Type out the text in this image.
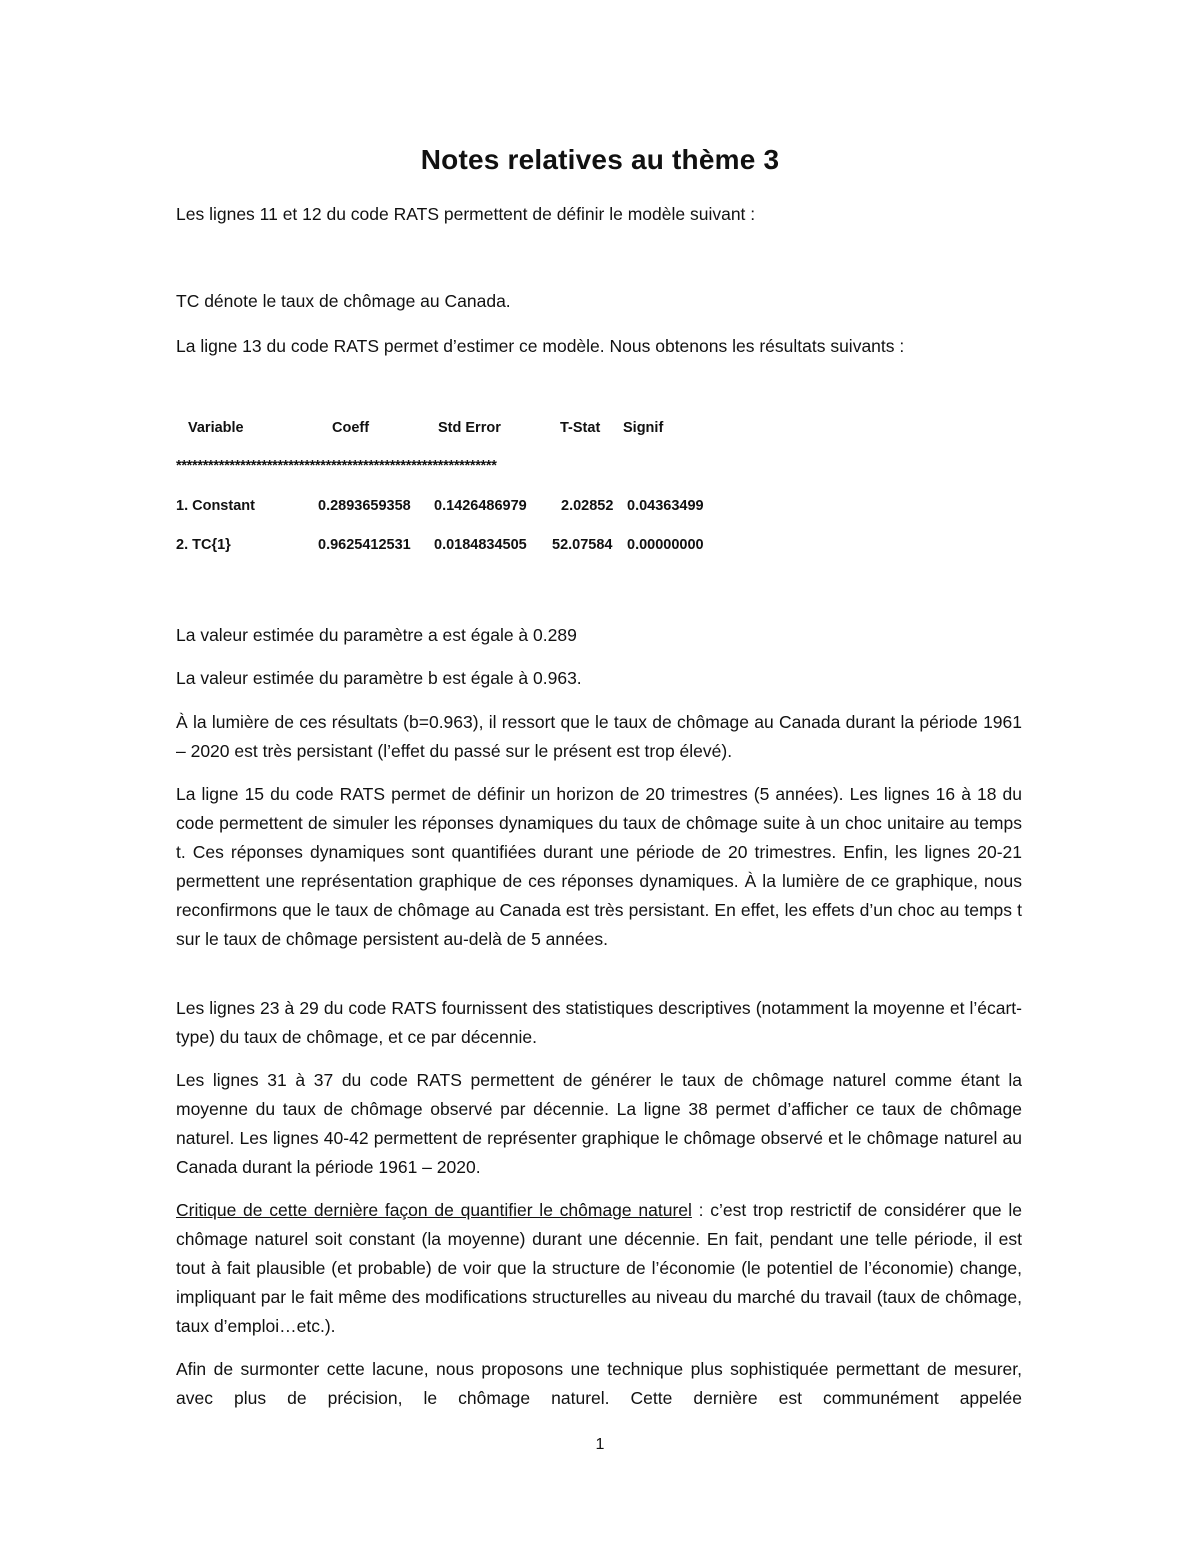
Notes relatives au thème 3
Les lignes 11 et 12 du code RATS permettent de définir le modèle suivant :
TC dénote le taux de chômage au Canada.
La ligne 13 du code RATS permet d’estimer ce modèle. Nous obtenons les résultats suivants :
Variable	Coeff	Std Error	T-Stat Signif
************************************************************
1. Constant	0.2893659358 0.1426486979 2.02852 0.04363499
2. TC{1}	0.9625412531 0.0184834505 52.07584 0.00000000
La valeur estimée du paramètre a est égale à 0.289
La valeur estimée du paramètre b est égale à 0.963.
À la lumière de ces résultats (b=0.963), il ressort que le taux de chômage au Canada durant la période 1961 – 2020 est très persistant (l’effet du passé sur le présent est trop élevé).
La ligne 15 du code RATS permet de définir un horizon de 20 trimestres (5 années). Les lignes 16 à 18 du code permettent de simuler les réponses dynamiques du taux de chômage suite à un choc unitaire au temps t. Ces réponses dynamiques sont quantifiées durant une période de 20 trimestres. Enfin, les lignes 20-21 permettent une représentation graphique de ces réponses dynamiques. À la lumière de ce graphique, nous reconfirmons que le taux de chômage au Canada est très persistant. En effet, les effets d’un choc au temps t sur le taux de chômage persistent au-delà de 5 années.
Les lignes 23 à 29 du code RATS fournissent des statistiques descriptives (notamment la moyenne et l’écart-type) du taux de chômage, et ce par décennie.
Les lignes 31 à 37 du code RATS permettent de générer le taux de chômage naturel comme étant la moyenne du taux de chômage observé par décennie. La ligne 38 permet d’afficher ce taux de chômage naturel. Les lignes 40-42 permettent de représenter graphique le chômage observé et le chômage naturel au Canada durant la période 1961 – 2020.
Critique de cette dernière façon de quantifier le chômage naturel : c’est trop restrictif de considérer que le chômage naturel soit constant (la moyenne) durant une décennie. En fait, pendant une telle période, il est tout à fait plausible (et probable) de voir que la structure de l’économie (le potentiel de l’économie) change, impliquant par le fait même des modifications structurelles au niveau du marché du travail (taux de chômage, taux d’emploi…etc.).
Afin de surmonter cette lacune, nous proposons une technique plus sophistiquée permettant de mesurer, avec plus de précision, le chômage naturel. Cette dernière est communément appelée
1
